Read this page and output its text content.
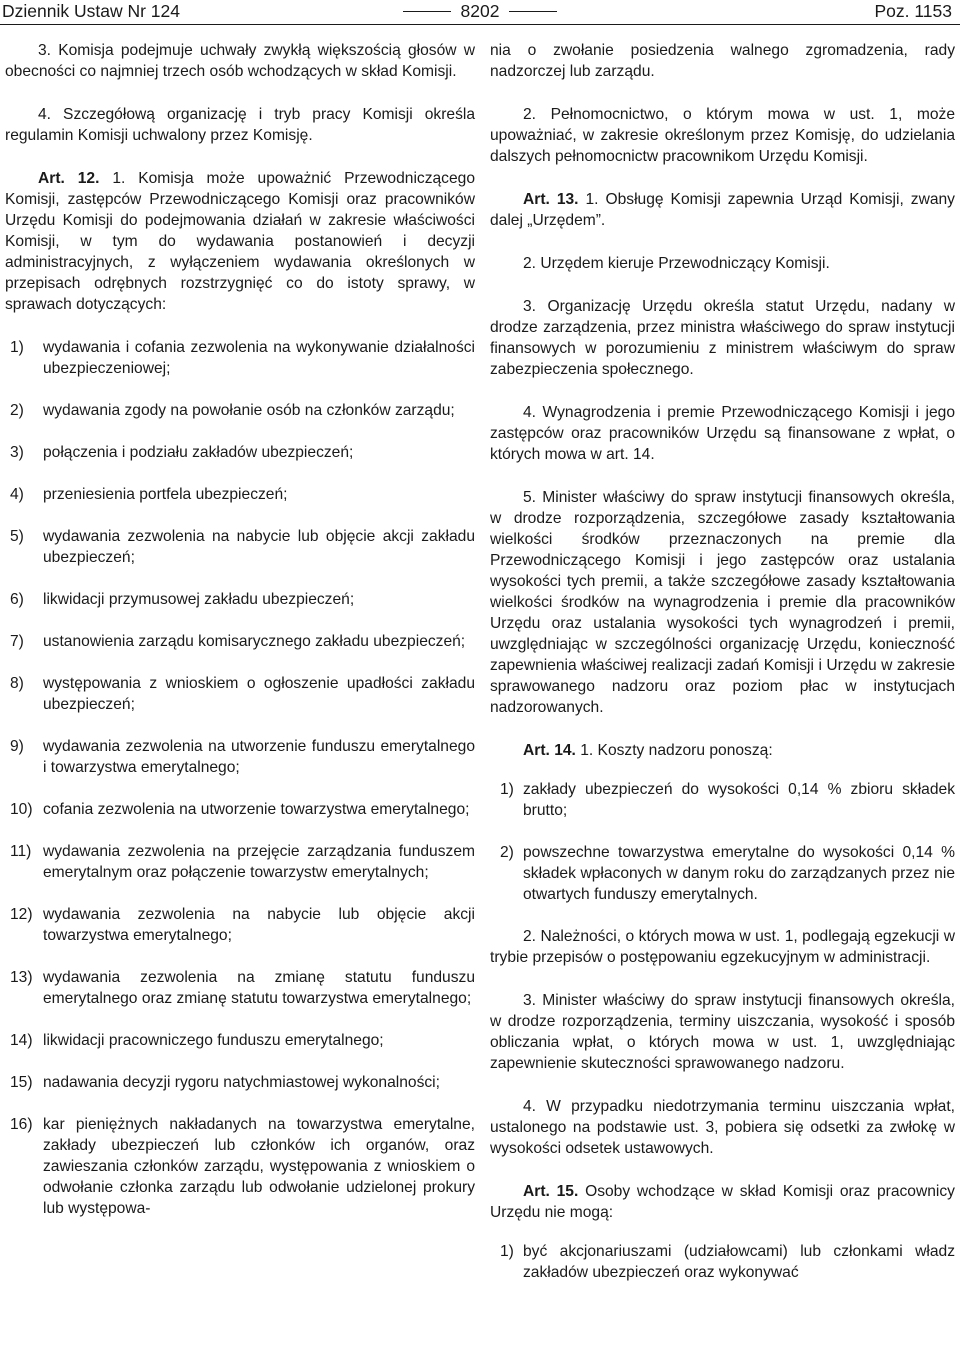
Dziennik Ustaw Nr 124	8202	Poz. 1153

3. Komisja podejmuje uchwały zwykłą większością głosów w obecności co najmniej trzech osób wchodzących w skład Komisji.

4. Szczegółową organizację i tryb pracy Komisji określa regulamin Komisji uchwalony przez Komisję.

Art. 12. 1. Komisja może upoważnić Przewodniczącego Komisji, zastępców Przewodniczącego Komisji oraz pracowników Urzędu Komisji do podejmowania działań w zakresie właściwości Komisji, w tym do wydawania postanowień i decyzji administracyjnych, z wyłączeniem wydawania określonych w przepisach odrębnych rozstrzygnięć co do istoty sprawy, w sprawach dotyczących:

1)	wydawania i cofania zezwolenia na wykonywanie działalności ubezpieczeniowej;
2)	wydawania zgody na powołanie osób na członków zarządu;
3)	połączenia i podziału zakładów ubezpieczeń;
4)	przeniesienia portfela ubezpieczeń;
5)	wydawania zezwolenia na nabycie lub objęcie akcji zakładu ubezpieczeń;
6)	likwidacji przymusowej zakładu ubezpieczeń;
7)	ustanowienia zarządu komisarycznego zakładu ubezpieczeń;
8)	występowania z wnioskiem o ogłoszenie upadłości zakładu ubezpieczeń;
9)	wydawania zezwolenia na utworzenie funduszu emerytalnego i towarzystwa emerytalnego;
10) cofania zezwolenia na utworzenie towarzystwa emerytalnego;
11) wydawania zezwolenia na przejęcie zarządzania funduszem emerytalnym oraz połączenie towarzystw emerytalnych;
12) wydawania zezwolenia na nabycie lub objęcie akcji towarzystwa emerytalnego;
13) wydawania zezwolenia na zmianę statutu funduszu emerytalnego oraz zmianę statutu towarzystwa emerytalnego;
14) likwidacji pracowniczego funduszu emerytalnego;
15) nadawania decyzji rygoru natychmiastowej wykonalności;
16) kar pieniężnych nakładanych na towarzystwa emerytalne, zakłady ubezpieczeń lub członków ich organów, oraz zawieszania członków zarządu, występowania z wnioskiem o odwołanie członka zarządu lub odwołanie udzielonej prokury lub występowa-

nia o zwołanie posiedzenia walnego zgromadzenia, rady nadzorczej lub zarządu.

2. Pełnomocnictwo, o którym mowa w ust. 1, może upoważniać, w zakresie określonym przez Komisję, do udzielania dalszych pełnomocnictw pracownikom Urzędu Komisji.

Art. 13. 1. Obsługę Komisji zapewnia Urząd Komisji, zwany dalej „Urzędem”.

2. Urzędem kieruje Przewodniczący Komisji.

3. Organizację Urzędu określa statut Urzędu, nadany w drodze zarządzenia, przez ministra właściwego do spraw instytucji finansowych w porozumieniu z ministrem właściwym do spraw zabezpieczenia społecznego.

4. Wynagrodzenia i premie Przewodniczącego Komisji i jego zastępców oraz pracowników Urzędu są finansowane z wpłat, o których mowa w art. 14.

5. Minister właściwy do spraw instytucji finansowych określa, w drodze rozporządzenia, szczegółowe zasady kształtowania wielkości środków przeznaczonych na premie dla Przewodniczącego Komisji i jego zastępców oraz ustalania wysokości tych premii, a także szczegółowe zasady kształtowania wielkości środków na wynagrodzenia i premie dla pracowników Urzędu oraz ustalania wysokości tych wynagrodzeń i premii, uwzględniając w szczególności organizację Urzędu, konieczność zapewnienia właściwej realizacji zadań Komisji i Urzędu w zakresie sprawowanego nadzoru oraz poziom płac w instytucjach nadzorowanych.

Art. 14. 1. Koszty nadzoru ponoszą:

1) zakłady ubezpieczeń do wysokości 0,14 % zbioru składek brutto;
2) powszechne towarzystwa emerytalne do wysokości 0,14 % składek wpłaconych w danym roku do zarządzanych przez nie otwartych funduszy emerytalnych.

2. Należności, o których mowa w ust. 1, podlegają egzekucji w trybie przepisów o postępowaniu egzekucyjnym w administracji.

3. Minister właściwy do spraw instytucji finansowych określa, w drodze rozporządzenia, terminy uiszczania, wysokość i sposób obliczania wpłat, o których mowa w ust. 1, uwzględniając zapewnienie skuteczności sprawowanego nadzoru.

4. W przypadku niedotrzymania terminu uiszczania wpłat, ustalonego na podstawie ust. 3, pobiera się odsetki za zwłokę w wysokości odsetek ustawowych.

Art. 15. Osoby wchodzące w skład Komisji oraz pracownicy Urzędu nie mogą:

1) być akcjonariuszami (udziałowcami) lub członkami władz zakładów ubezpieczeń oraz wykonywać
